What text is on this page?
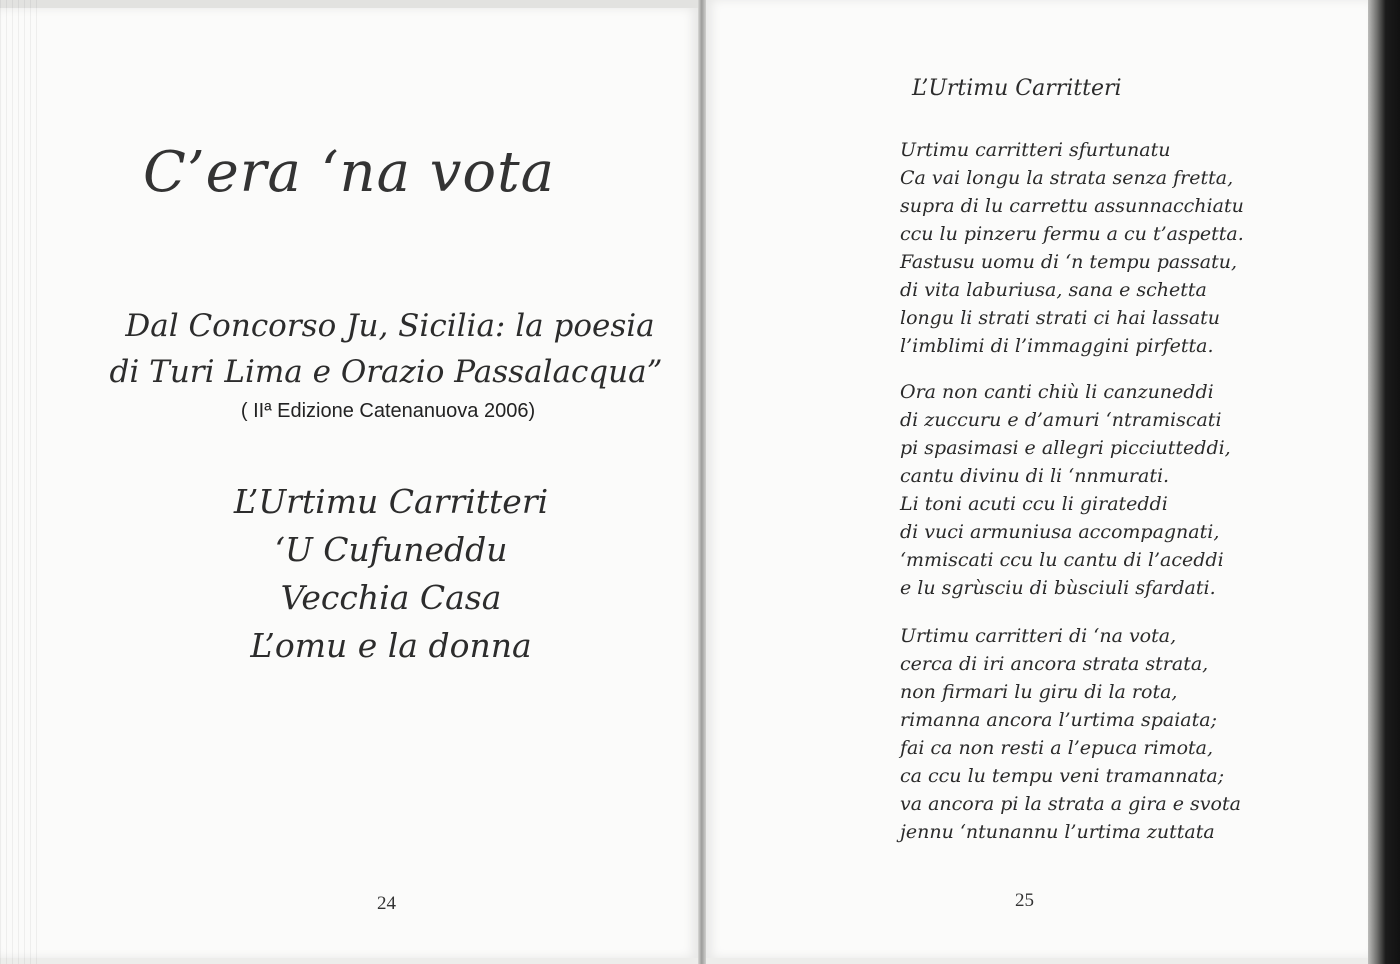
C’era ‘na vota
Dal Concorso Ju, Sicilia: la poesia
di Turi Lima e Orazio Passalacqua”
( IIª Edizione Catenanuova 2006)
L’Urtimu Carritteri
‘U Cufuneddu
Vecchia Casa
L’omu e la donna
24
L’Urtimu Carritteri
Urtimu carritteri sfurtunatu
Ca vai longu la strata senza fretta,
supra di lu carrettu assunnacchiatu
ccu lu pinzeru fermu a cu t’aspetta.
Fastusu uomu di ‘n tempu passatu,
di vita laburiusa, sana e schetta
longu li strati strati ci hai lassatu
l’imblimi di l’immaggini pirfetta.
Ora non canti chiù li canzuneddi
di zuccuru e d’amuri ‘ntramiscati
pi spasimasi e allegri picciutteddi,
cantu divinu di li ‘nnmurati.
Li toni acuti ccu li girateddi
di vuci armuniusa accompagnati,
‘mmiscati ccu lu cantu di l’aceddi
e lu sgrùsciu di bùsciuli sfardati.
Urtimu carritteri di ‘na vota,
cerca di iri ancora strata strata,
non firmari lu giru di la rota,
rimanna ancora l’urtima spaiata;
fai ca non resti a l’epuca rimota,
ca ccu lu tempu veni tramannata;
va ancora pi la strata a gira e svota
jennu ‘ntunannu l’urtima zuttata
25
